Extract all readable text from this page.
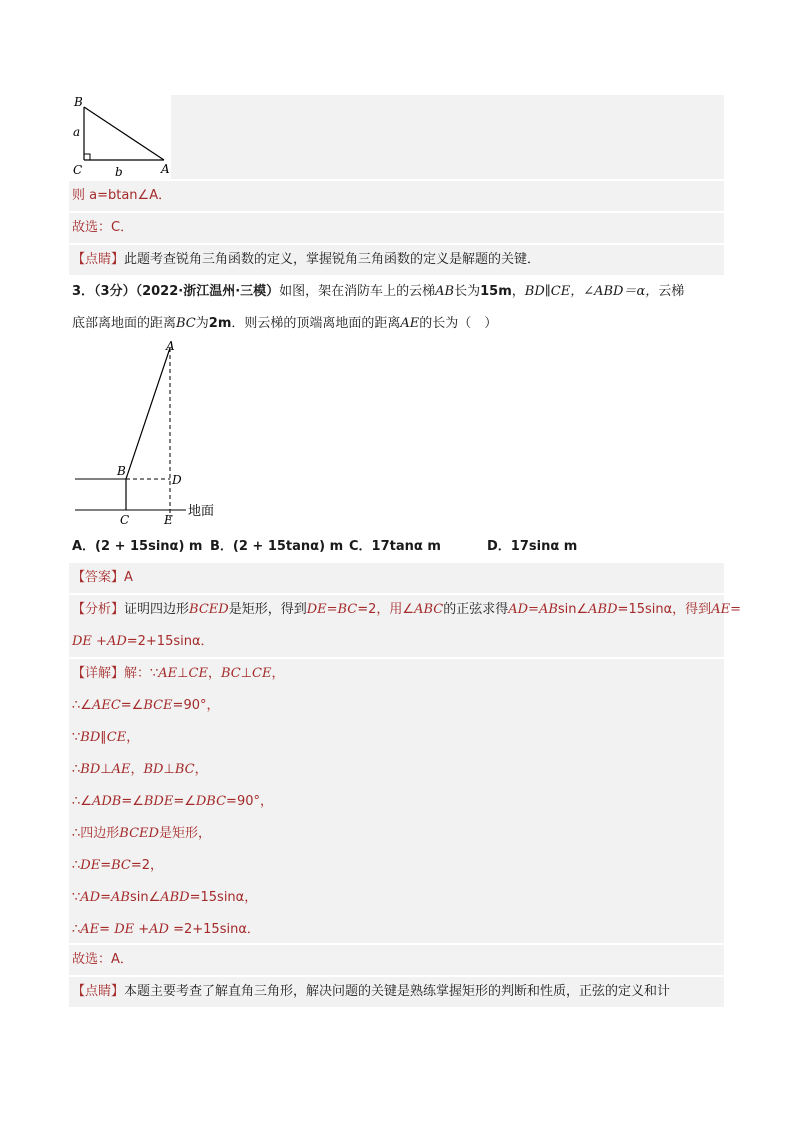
B
a
C	b	A
则 a=btan∠A．
故选：C．
【点睛】此题考查锐角三角函数的定义，掌握锐角三角函数的定义是解题的关键．
3．（3分）（2022·浙江温州·三模）如图，架在消防车上的云梯AB长为15m，BD∥CE，∠ABD＝α，云梯
底部离地面的距离BC为2m．则云梯的顶端离地面的距离AE的长为（　）
A
B
D
C	E
地面
A．(2 + 15sinα) m B．(2 + 15tanα) m C．17tanα m	D．17sinα m
【答案】A
【分析】证明四边形BCED是矩形，得到DE=BC=2，用∠ABC的正弦求得AD=ABsin∠ABD=15sinα，得到AE=
DE +AD=2+15sinα．
【详解】解：∵AE⊥CE，BC⊥CE，
∴∠AEC=∠BCE=90°，
∵BD∥CE，
∴BD⊥AE，BD⊥BC，
∴∠ADB=∠BDE=∠DBC=90°，
∴四边形BCED是矩形，
∴DE=BC=2，
∵AD=ABsin∠ABD=15sinα，
∴AE= DE +AD =2+15sinα．
故选：A．
【点睛】本题主要考查了解直角三角形，解决问题的关键是熟练掌握矩形的判断和性质，正弦的定义和计
